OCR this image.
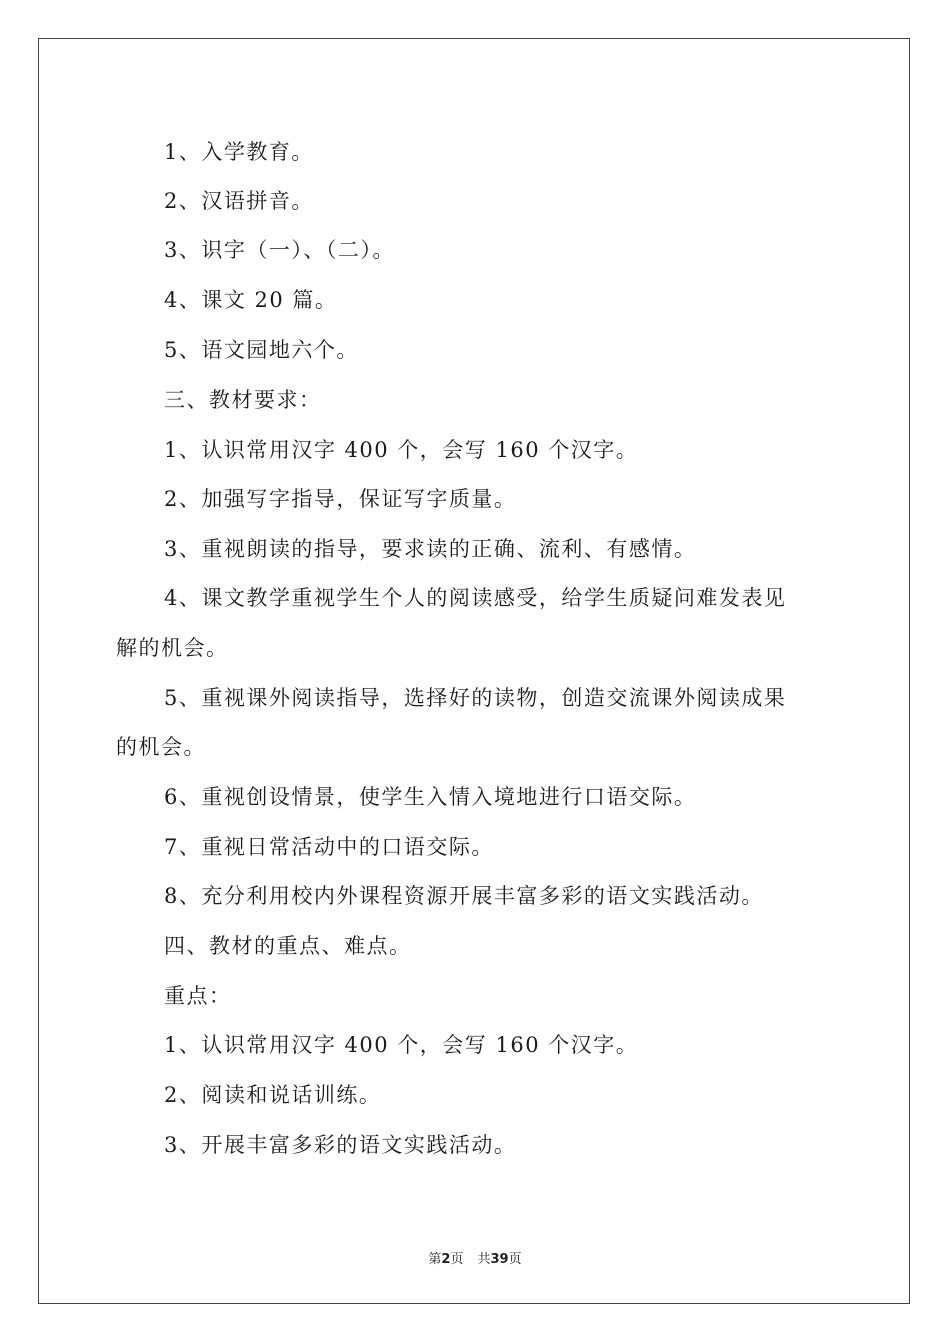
1、入学教育。
2、汉语拼音。
3、识字（一）、（二）。
4、课文 20 篇。
5、语文园地六个。
三、教材要求：
1、认识常用汉字 400 个，会写 160 个汉字。
2、加强写字指导，保证写字质量。
3、重视朗读的指导，要求读的正确、流利、有感情。
4、课文教学重视学生个人的阅读感受，给学生质疑问难发表见
解的机会。
5、重视课外阅读指导，选择好的读物，创造交流课外阅读成果
的机会。
6、重视创设情景，使学生入情入境地进行口语交际。
7、重视日常活动中的口语交际。
8、充分利用校内外课程资源开展丰富多彩的语文实践活动。
四、教材的重点、难点。
重点：
1、认识常用汉字 400 个，会写 160 个汉字。
2、阅读和说话训练。
3、开展丰富多彩的语文实践活动。
第2页 共39页
